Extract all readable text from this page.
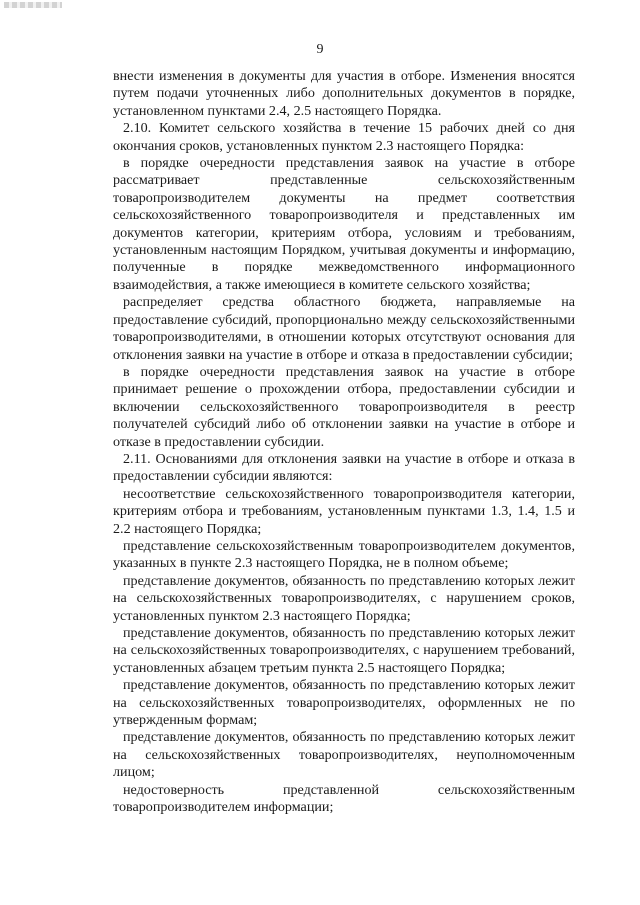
9

внести изменения в документы для участия в отборе. Изменения вносятся путем подачи уточненных либо дополнительных документов в порядке, установленном пунктами 2.4, 2.5 настоящего Порядка.

2.10. Комитет сельского хозяйства в течение 15 рабочих дней со дня окончания сроков, установленных пунктом 2.3 настоящего Порядка:

в порядке очередности представления заявок на участие в отборе рассматривает представленные сельскохозяйственным товаропроизводителем документы на предмет соответствия сельскохозяйственного товаропроизводителя и представленных им документов категории, критериям отбора, условиям и требованиям, установленным настоящим Порядком, учитывая документы и информацию, полученные в порядке межведомственного информационного взаимодействия, а также имеющиеся в комитете сельского хозяйства;

распределяет средства областного бюджета, направляемые на предоставление субсидий, пропорционально между сельскохозяйственными товаропроизводителями, в отношении которых отсутствуют основания для отклонения заявки на участие в отборе и отказа в предоставлении субсидии;

в порядке очередности представления заявок на участие в отборе принимает решение о прохождении отбора, предоставлении субсидии и включении сельскохозяйственного товаропроизводителя в реестр получателей субсидий либо об отклонении заявки на участие в отборе и отказе в предоставлении субсидии.

2.11. Основаниями для отклонения заявки на участие в отборе и отказа в предоставлении субсидии являются:

несоответствие сельскохозяйственного товаропроизводителя категории, критериям отбора и требованиям, установленным пунктами 1.3, 1.4, 1.5 и 2.2 настоящего Порядка;

представление сельскохозяйственным товаропроизводителем документов, указанных в пункте 2.3 настоящего Порядка, не в полном объеме;

представление документов, обязанность по представлению которых лежит на сельскохозяйственных товаропроизводителях, с нарушением сроков, установленных пунктом 2.3 настоящего Порядка;

представление документов, обязанность по представлению которых лежит на сельскохозяйственных товаропроизводителях, с нарушением требований, установленных абзацем третьим пункта 2.5 настоящего Порядка;

представление документов, обязанность по представлению которых лежит на сельскохозяйственных товаропроизводителях, оформленных не по утвержденным формам;

представление документов, обязанность по представлению которых лежит на сельскохозяйственных товаропроизводителях, неуполномоченным лицом;

недостоверность представленной сельскохозяйственным товаропроизводителем информации;
